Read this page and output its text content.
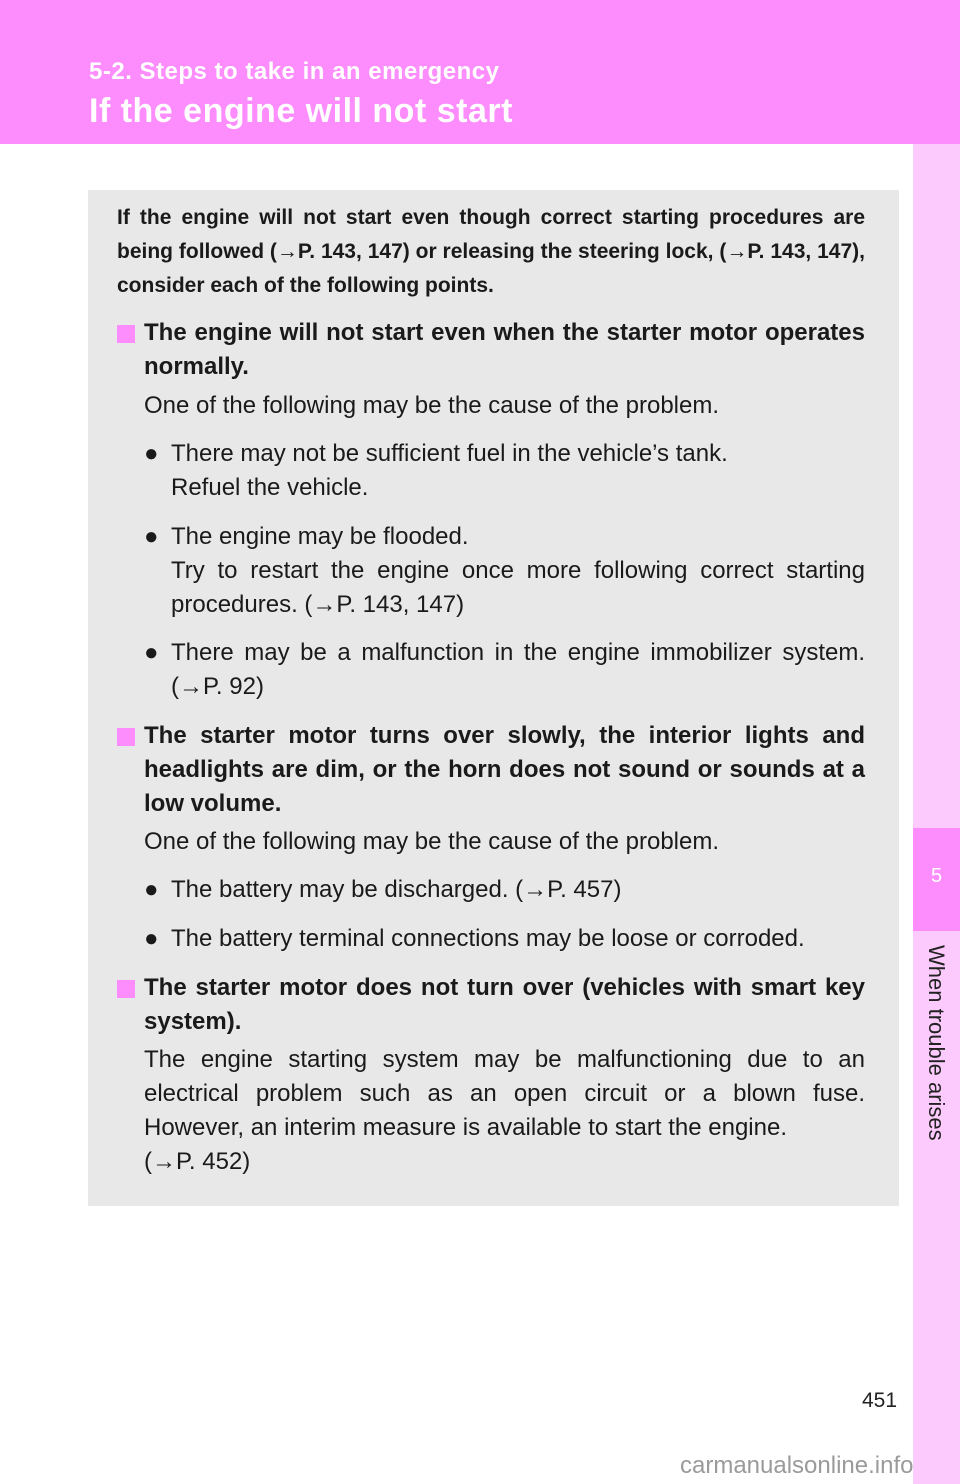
5-2. Steps to take in an emergency
If the engine will not start
5
When trouble arises
If the engine will not start even though correct starting procedures are being followed (→P. 143, 147) or releasing the steering lock, (→P. 143, 147), consider each of the following points.
The engine will not start even when the starter motor operates normally.
One of the following may be the cause of the problem.
● There may not be sufficient fuel in the vehicle’s tank.
Refuel the vehicle.
● The engine may be flooded.
Try to restart the engine once more following correct starting procedures. (→P. 143, 147)
● There may be a malfunction in the engine immobilizer system. (→P. 92)
The starter motor turns over slowly, the interior lights and headlights are dim, or the horn does not sound or sounds at a low volume.
One of the following may be the cause of the problem.
● The battery may be discharged. (→P. 457)
● The battery terminal connections may be loose or corroded.
The starter motor does not turn over (vehicles with smart key system).
The engine starting system may be malfunctioning due to an electrical problem such as an open circuit or a blown fuse. However, an interim measure is available to start the engine.
(→P. 452)
451
carmanualsonline.info
